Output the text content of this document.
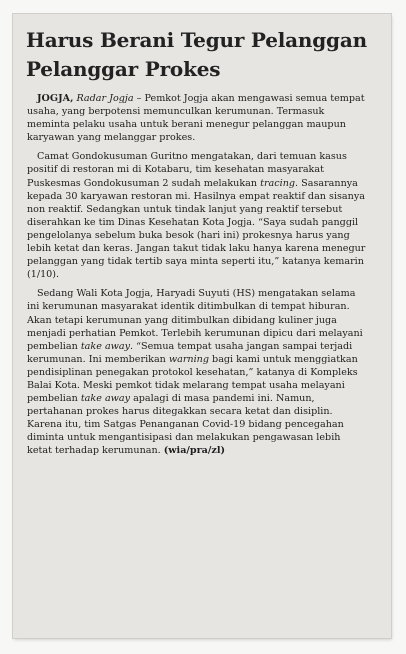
Harus Berani Tegur Pelanggan Pelanggar Prokes

JOGJA, Radar Jogja – Pemkot Jogja akan mengawasi semua tempat usaha, yang berpotensi memunculkan kerumunan. Termasuk meminta pelaku usaha untuk berani menegur pelanggan maupun karyawan yang melanggar prokes.

Camat Gondokusuman Guritno mengatakan, dari temuan kasus positif di restoran mi di Kotabaru, tim kesehatan masyarakat Puskesmas Gondokusuman 2 sudah melakukan tracing. Sasarannya kepada 30 karyawan restoran mi. Hasilnya empat reaktif dan sisanya non reaktif. Sedangkan untuk tindak lanjut yang reaktif tersebut diserahkan ke tim Dinas Kesehatan Kota Jogja. “Saya sudah panggil pengelolanya sebelum buka besok (hari ini) prokesnya harus yang lebih ketat dan keras. Jangan takut tidak laku hanya karena menegur pelanggan yang tidak tertib saya minta seperti itu,” katanya kemarin (1/10).

Sedang Wali Kota Jogja, Haryadi Suyuti (HS) mengatakan selama ini kerumunan masyarakat identik ditimbulkan di tempat hiburan. Akan tetapi kerumunan yang ditimbulkan dibidang kuliner juga menjadi perhatian Pemkot. Terlebih kerumunan dipicu dari melayani pembelian take away. “Semua tempat usaha jangan sampai terjadi kerumunan. Ini memberikan warning bagi kami untuk menggiatkan pendisiplinan penegakan protokol kesehatan,” katanya di Kompleks Balai Kota. Meski pemkot tidak melarang tempat usaha melayani pembelian take away apalagi di masa pandemi ini. Namun, pertahanan prokes harus ditegakkan secara ketat dan disiplin. Karena itu, tim Satgas Penanganan Covid-19 bidang pencegahan diminta untuk mengantisipasi dan melakukan pengawasan lebih ketat terhadap kerumunan. (wia/pra/zl)
